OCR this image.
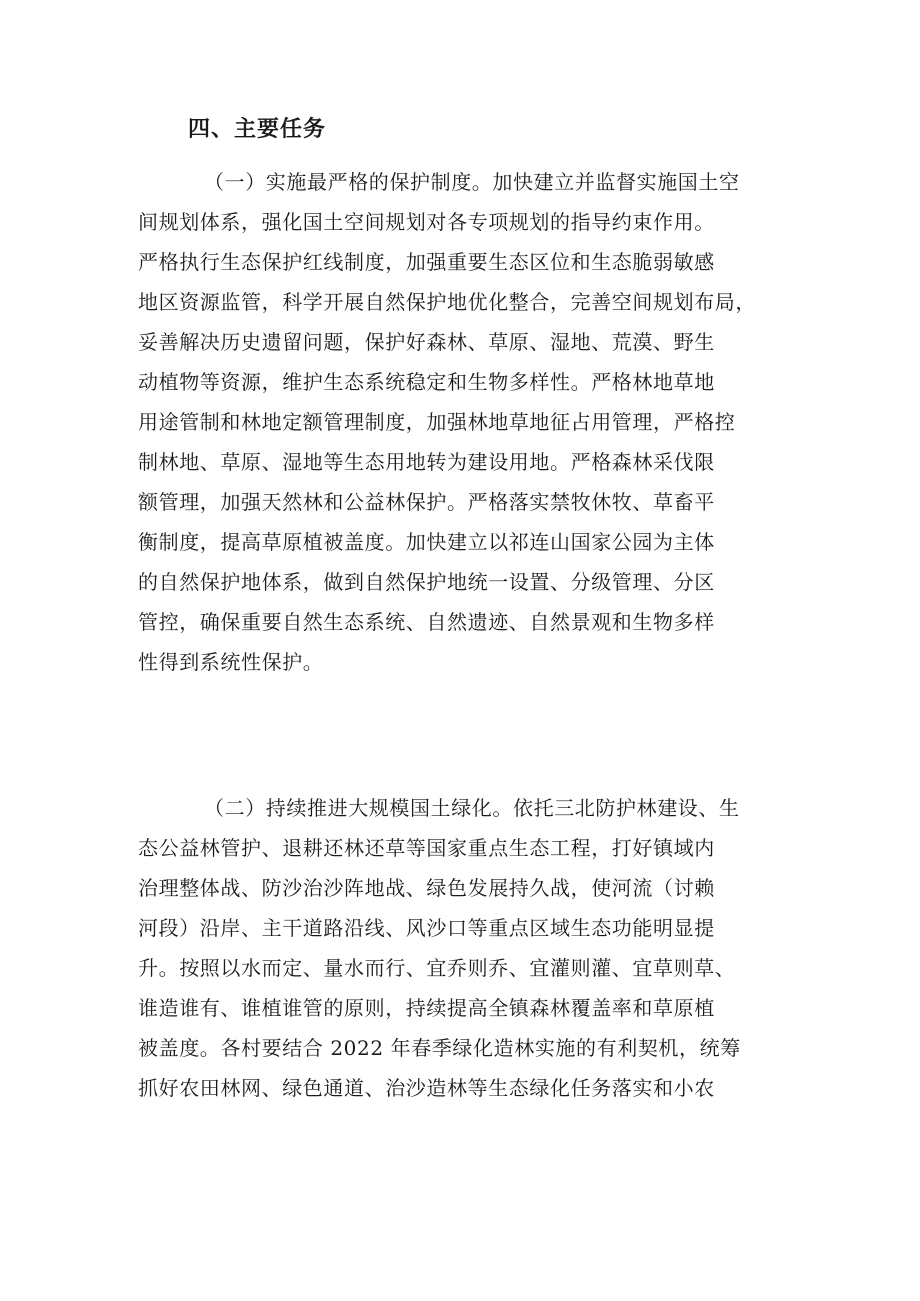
四、主要任务
（一）实施最严格的保护制度。加快建立并监督实施国土空
间规划体系，强化国土空间规划对各专项规划的指导约束作用。
严格执行生态保护红线制度，加强重要生态区位和生态脆弱敏感
地区资源监管，科学开展自然保护地优化整合，完善空间规划布局，
妥善解决历史遗留问题，保护好森林、草原、湿地、荒漠、野生
动植物等资源，维护生态系统稳定和生物多样性。严格林地草地
用途管制和林地定额管理制度，加强林地草地征占用管理，严格控
制林地、草原、湿地等生态用地转为建设用地。严格森林采伐限
额管理，加强天然林和公益林保护。严格落实禁牧休牧、草畜平
衡制度，提高草原植被盖度。加快建立以祁连山国家公园为主体
的自然保护地体系，做到自然保护地统一设置、分级管理、分区
管控，确保重要自然生态系统、自然遗迹、自然景观和生物多样
性得到系统性保护。
（二）持续推进大规模国土绿化。依托三北防护林建设、生
态公益林管护、退耕还林还草等国家重点生态工程，打好镇域内
治理整体战、防沙治沙阵地战、绿色发展持久战，使河流（讨赖
河段）沿岸、主干道路沿线、风沙口等重点区域生态功能明显提
升。按照以水而定、量水而行、宜乔则乔、宜灌则灌、宜草则草、
谁造谁有、谁植谁管的原则，持续提高全镇森林覆盖率和草原植
被盖度。各村要结合 2022 年春季绿化造林实施的有利契机，统筹
抓好农田林网、绿色通道、治沙造林等生态绿化任务落实和小农
